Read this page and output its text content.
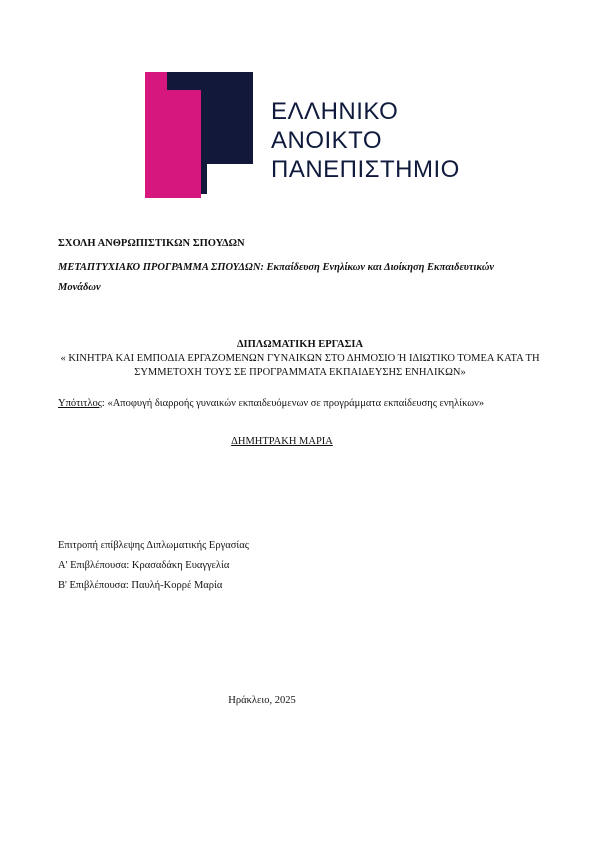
ΕΛΛΗΝΙΚΟ
ΑΝΟΙΚΤΟ
ΠΑΝΕΠΙΣΤΗΜΙΟ
ΣΧΟΛΗ ΑΝΘΡΩΠΙΣΤΙΚΩΝ ΣΠΟΥΔΩΝ
ΜΕΤΑΠΤΥΧΙΑΚΟ ΠΡΟΓΡΑΜΜΑ ΣΠΟΥΔΩΝ: Εκπαίδευση Ενηλίκων και Διοίκηση Εκπαιδευτικών Μονάδων
ΔΙΠΛΩΜΑΤΙΚΗ ΕΡΓΑΣΙΑ
« ΚΙΝΗΤΡΑ ΚΑΙ ΕΜΠΟΔΙΑ ΕΡΓΑΖΟΜΕΝΩΝ ΓΥΝΑΙΚΩΝ ΣΤΟ ΔΗΜΟΣΙΟ Ή ΙΔΙΩΤΙΚΟ ΤΟΜΕΑ ΚΑΤΑ ΤΗ ΣΥΜΜΕΤΟΧΗ ΤΟΥΣ ΣΕ ΠΡΟΓΡΑΜΜΑΤΑ ΕΚΠΑΙΔΕΥΣΗΣ ΕΝΗΛΙΚΩΝ»
Υπότιτλος: «Αποφυγή διαρροής γυναικών εκπαιδευόμενων σε προγράμματα εκπαίδευσης ενηλίκων»
ΔΗΜΗΤΡΑΚΗ ΜΑΡΙΑ
Επιτροπή επίβλεψης Διπλωματικής Εργασίας
Α' Επιβλέπουσα: Κρασαδάκη Ευαγγελία
Β' Επιβλέπουσα: Παυλή-Κορρέ Μαρία
Ηράκλειο, 2025
